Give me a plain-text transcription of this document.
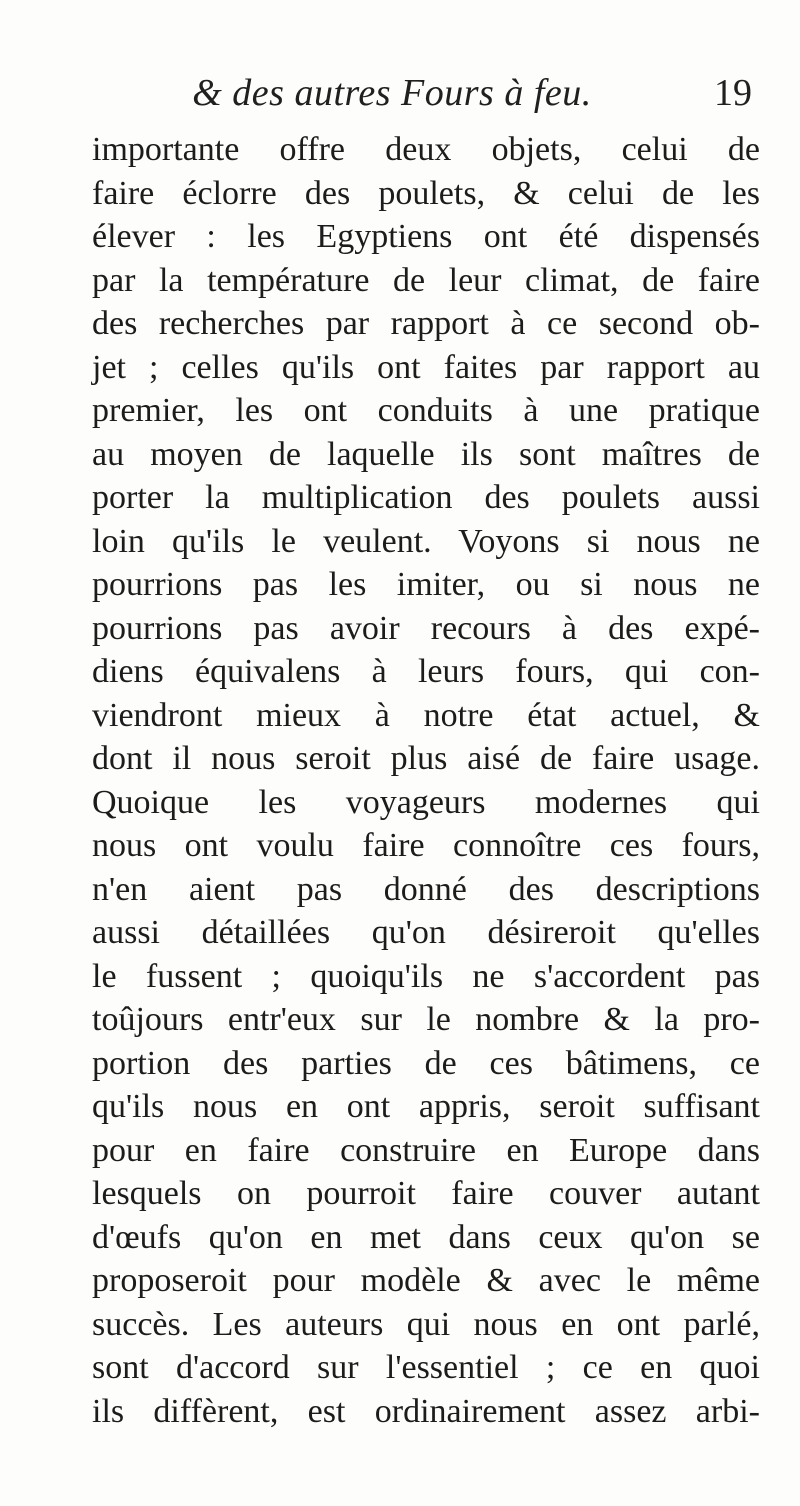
& des autres Fours à feu.	19
importante offre deux objets, celui de
faire éclorre des poulets, & celui de les
élever : les Egyptiens ont été dispensés
par la température de leur climat, de faire
des recherches par rapport à ce second ob-
jet ; celles qu'ils ont faites par rapport au
premier, les ont conduits à une pratique
au moyen de laquelle ils sont maîtres de
porter la multiplication des poulets aussi
loin qu'ils le veulent. Voyons si nous ne
pourrions pas les imiter, ou si nous ne
pourrions pas avoir recours à des expé-
diens équivalens à leurs fours, qui con-
viendront mieux à notre état actuel, &
dont il nous seroit plus aisé de faire usage.
Quoique les voyageurs modernes qui
nous ont voulu faire connoître ces fours,
n'en aient pas donné des descriptions
aussi détaillées qu'on désireroit qu'elles
le fussent ; quoiqu'ils ne s'accordent pas
toûjours entr'eux sur le nombre & la pro-
portion des parties de ces bâtimens, ce
qu'ils nous en ont appris, seroit suffisant
pour en faire construire en Europe dans
lesquels on pourroit faire couver autant
d'œufs qu'on en met dans ceux qu'on se
proposeroit pour modèle & avec le même
succès. Les auteurs qui nous en ont parlé,
sont d'accord sur l'essentiel ; ce en quoi
ils diffèrent, est ordinairement assez arbi-
